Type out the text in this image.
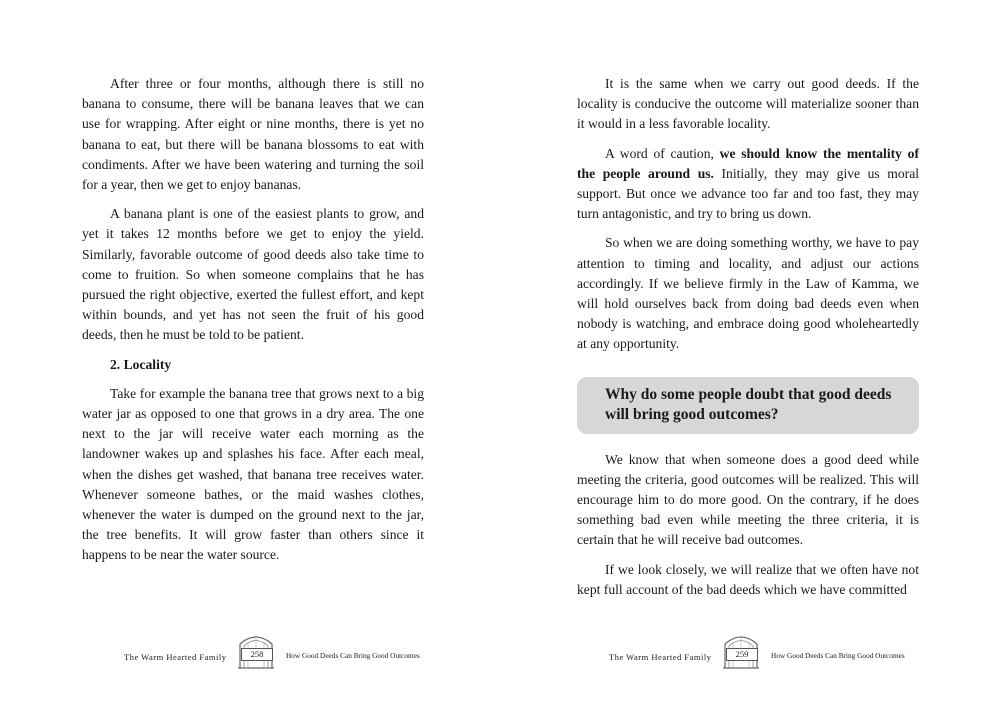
After three or four months, although there is still no banana to consume, there will be banana leaves that we can use for wrapping. After eight or nine months, there is yet no banana to eat, but there will be banana blossoms to eat with condiments. After we have been watering and turning the soil for a year, then we get to enjoy bananas.

A banana plant is one of the easiest plants to grow, and yet it takes 12 months before we get to enjoy the yield. Similarly, favorable outcome of good deeds also take time to come to fruition. So when someone complains that he has pursued the right objective, exerted the fullest effort, and kept within bounds, and yet has not seen the fruit of his good deeds, then he must be told to be patient.

2. Locality

Take for example the banana tree that grows next to a big water jar as opposed to one that grows in a dry area. The one next to the jar will receive water each morning as the landowner wakes up and splashes his face. After each meal, when the dishes get washed, that banana tree receives water. Whenever someone bathes, or the maid washes clothes, whenever the water is dumped on the ground next to the jar, the tree benefits. It will grow faster than others since it happens to be near the water source.

The Warm Hearted Family	258	How Good Deeds Can Bring Good Outcomes

It is the same when we carry out good deeds. If the locality is conducive the outcome will materialize sooner than it would in a less favorable locality.

A word of caution, we should know the mentality of the people around us. Initially, they may give us moral support. But once we advance too far and too fast, they may turn antagonistic, and try to bring us down.

So when we are doing something worthy, we have to pay attention to timing and locality, and adjust our actions accordingly. If we believe firmly in the Law of Kamma, we will hold ourselves back from doing bad deeds even when nobody is watching, and embrace doing good wholeheartedly at any opportunity.

Why do some people doubt that good deeds will bring good outcomes?

We know that when someone does a good deed while meeting the criteria, good outcomes will be realized. This will encourage him to do more good. On the contrary, if he does something bad even while meeting the three criteria, it is certain that he will receive bad outcomes.

If we look closely, we will realize that we often have not kept full account of the bad deeds which we have committed

The Warm Hearted Family	259	How Good Deeds Can Bring Good Outcomes
